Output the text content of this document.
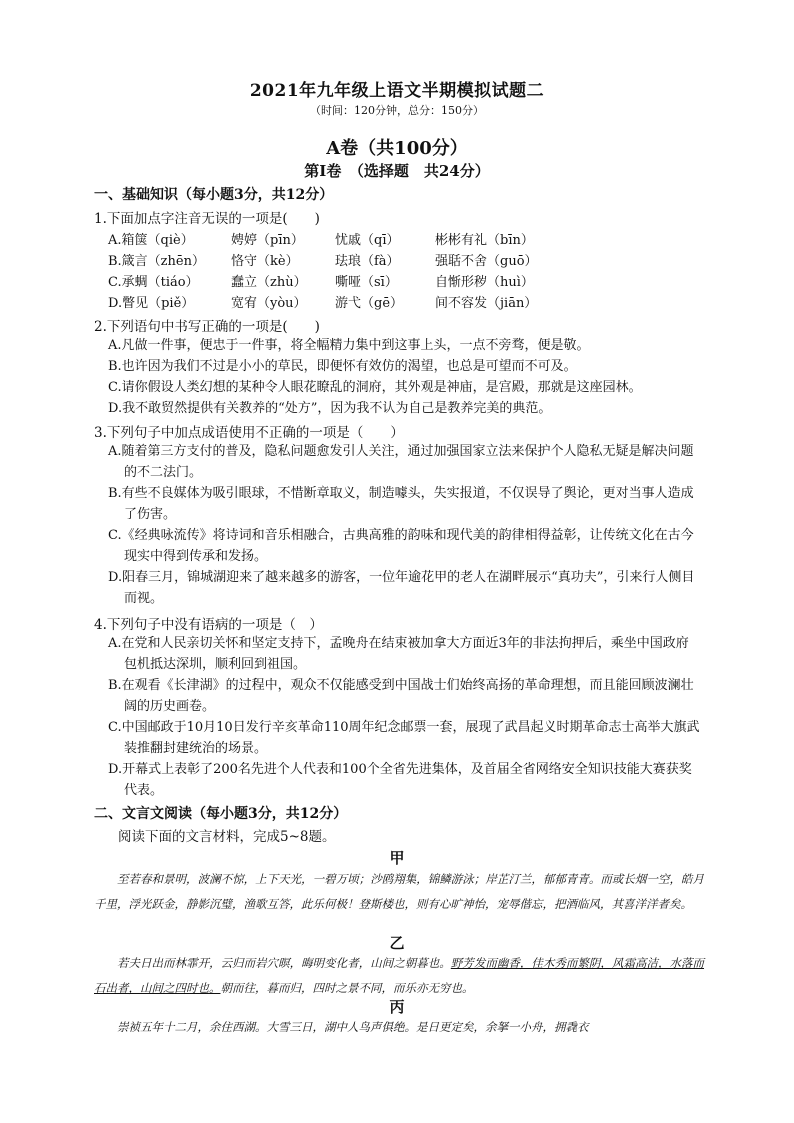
2021年九年级上语文半期模拟试题二
（时间：120分钟，总分：150分）
A卷（共100分）
第Ⅰ卷　（选择题　共24分）
一、基础知识（每小题3分，共12分）
1.下面加点字注音无误的一项是(　　)
A.箱箧（qiè）	娉婷（pīn） 忧戚（qī）	彬彬有礼（bīn）
B.箴言（zhēn） 恪守（kè）	珐琅（fà）	强聒不舍（guō）
C.承蜩（tiáo） 蠢立（zhù） 嘶哑（sī）	自惭形秽（huì）
D.瞥见（piě）	宽宥（yòu） 游弋（gē） 间不容发（jiān）
2.下列语句中书写正确的一项是(　　)
A.凡做一件事，便忠于一件事，将全幅精力集中到这事上头，一点不旁骛，便是敬。
B.也许因为我们不过是小小的草民，即便怀有效仿的渴望，也总是可望而不可及。
C.请你假设人类幻想的某种令人眼花瞭乱的洞府，其外观是神庙，是宫殿，那就是这座园林。
D.我不敢贸然提供有关教养的“处方”，因为我不认为自己是教养完美的典范。
3.下列句子中加点成语使用不正确的一项是（　　）
A.随着第三方支付的普及，隐私问题愈发引人关注，通过加强国家立法来保护个人隐私无疑是解决问题的不二法门。
B.有些不良媒体为吸引眼球，不惜断章取义，制造噱头，失实报道，不仅误导了舆论，更对当事人造成了伤害。
C.《经典咏流传》将诗词和音乐相融合，古典高雅的韵味和现代美的韵律相得益彰，让传统文化在古今现实中得到传承和发扬。
D.阳春三月，锦城湖迎来了越来越多的游客，一位年逾花甲的老人在湖畔展示“真功夫”，引来行人侧目而视。
4.下列句子中没有语病的一项是（　）
A.在党和人民亲切关怀和坚定支持下，孟晚舟在结束被加拿大方面近3年的非法拘押后，乘坐中国政府包机抵达深圳，顺利回到祖国。
B.在观看《长津湖》的过程中，观众不仅能感受到中国战士们始终高扬的革命理想，而且能回顾波澜壮阔的历史画卷。
C.中国邮政于10月10日发行辛亥革命110周年纪念邮票一套，展现了武昌起义时期革命志士高举大旗武装推翻封建统治的场景。
D.开幕式上表彰了200名先进个人代表和100个全省先进集体，及首届全省网络安全知识技能大赛获奖代表。
二、文言文阅读（每小题3分，共12分）
阅读下面的文言材料，完成5~8题。
甲
至若春和景明，波澜不惊，上下天光，一碧万顷；沙鸥翔集，锦鳞游泳；岸芷汀兰，郁郁青青。而或长烟一空，皓月千里，浮光跃金，静影沉璧，渔歌互答，此乐何极！登斯楼也，则有心旷神怡，宠辱偕忘，把酒临风，其喜洋洋者矣。
乙
若夫日出而林霏开，云归而岩穴暝，晦明变化者，山间之朝暮也。野芳发而幽香，佳木秀而繁阴，风霜高洁，水落而石出者，山间之四时也。朝而往，暮而归，四时之景不同，而乐亦无穷也。
丙
崇祯五年十二月，余住西湖。大雪三日，湖中人鸟声俱绝。是日更定矣，余拏一小舟，拥毳衣
